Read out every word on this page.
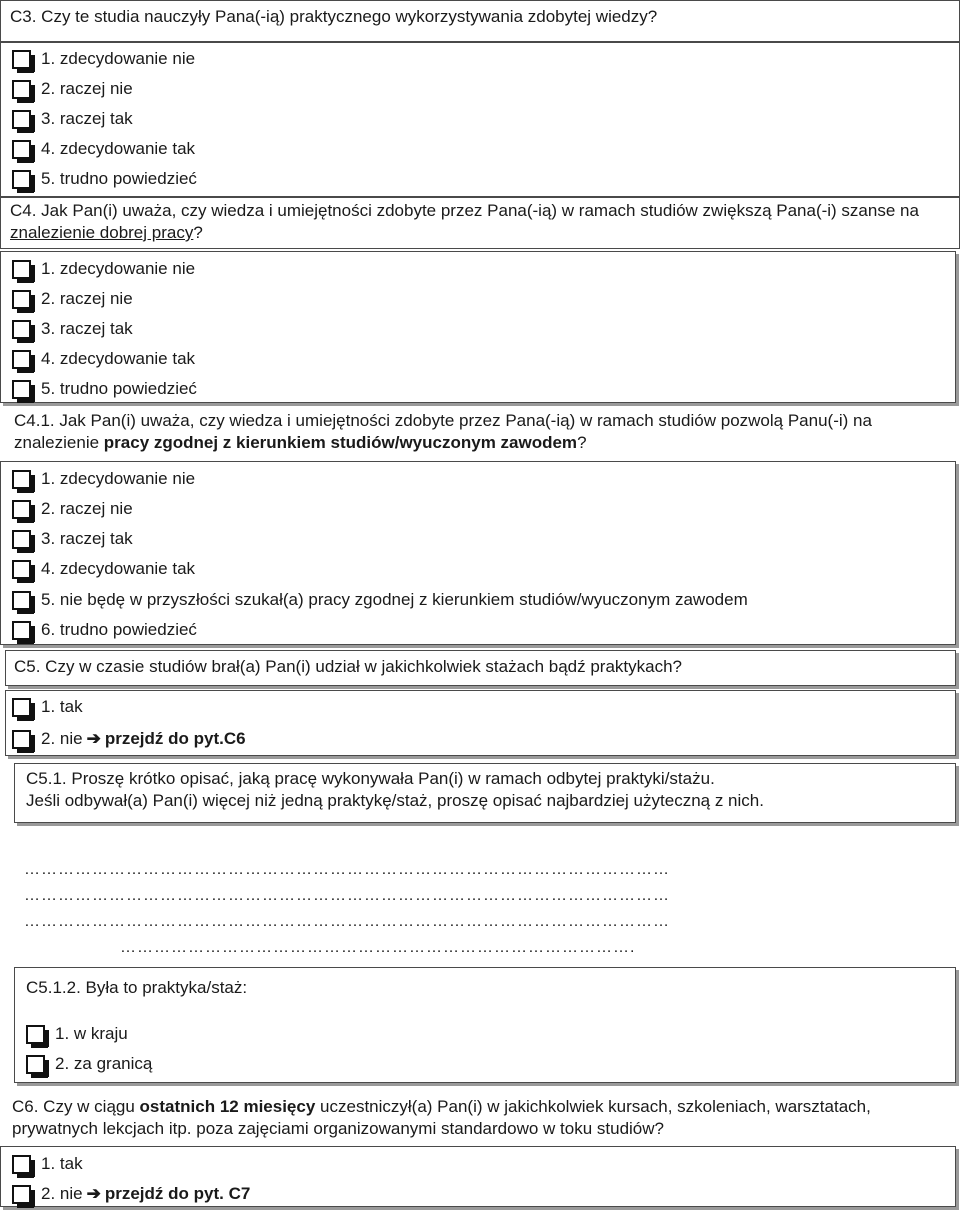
C3. Czy te studia nauczyły Pana(-ią) praktycznego wykorzystywania zdobytej wiedzy?
1. zdecydowanie nie
2. raczej nie
3. raczej tak
4. zdecydowanie tak
5. trudno powiedzieć
C4. Jak Pan(i) uważa, czy wiedza i umiejętności zdobyte przez Pana(-ią) w ramach studiów zwiększą Pana(-i) szanse na znalezienie dobrej pracy?
1. zdecydowanie nie
2. raczej nie
3. raczej tak
4. zdecydowanie tak
5. trudno powiedzieć
C4.1. Jak Pan(i) uważa, czy wiedza i umiejętności zdobyte przez Pana(-ią) w ramach studiów pozwolą Panu(-i) na znalezienie pracy zgodnej z kierunkiem studiów/wyuczonym zawodem?
1. zdecydowanie nie
2. raczej nie
3. raczej tak
4. zdecydowanie tak
5. nie będę w przyszłości szukał(a) pracy zgodnej z kierunkiem studiów/wyuczonym zawodem
6. trudno powiedzieć
C5. Czy w czasie studiów brał(a) Pan(i) udział w jakichkolwiek stażach bądź praktykach?
1. tak
2. nie ➔ przejdź do pyt.C6
C5.1. Proszę krótko opisać, jaką pracę wykonywała Pan(i) w ramach odbytej praktyki/stażu.
Jeśli odbywał(a) Pan(i) więcej niż jedną praktykę/staż, proszę opisać najbardziej użyteczną z nich.
……………………………………………………………………………………………………
……………………………………………………………………………………………………
……………………………………………………………………………………………………
……………………………………………………………………………….
C5.1.2. Była to praktyka/staż:
1. w kraju
2. za granicą
C6. Czy w ciągu ostatnich 12 miesięcy uczestniczył(a) Pan(i) w jakichkolwiek kursach, szkoleniach, warsztatach, prywatnych lekcjach itp. poza zajęciami organizowanymi standardowo w toku studiów?
1. tak
2. nie ➔ przejdź do pyt. C7
